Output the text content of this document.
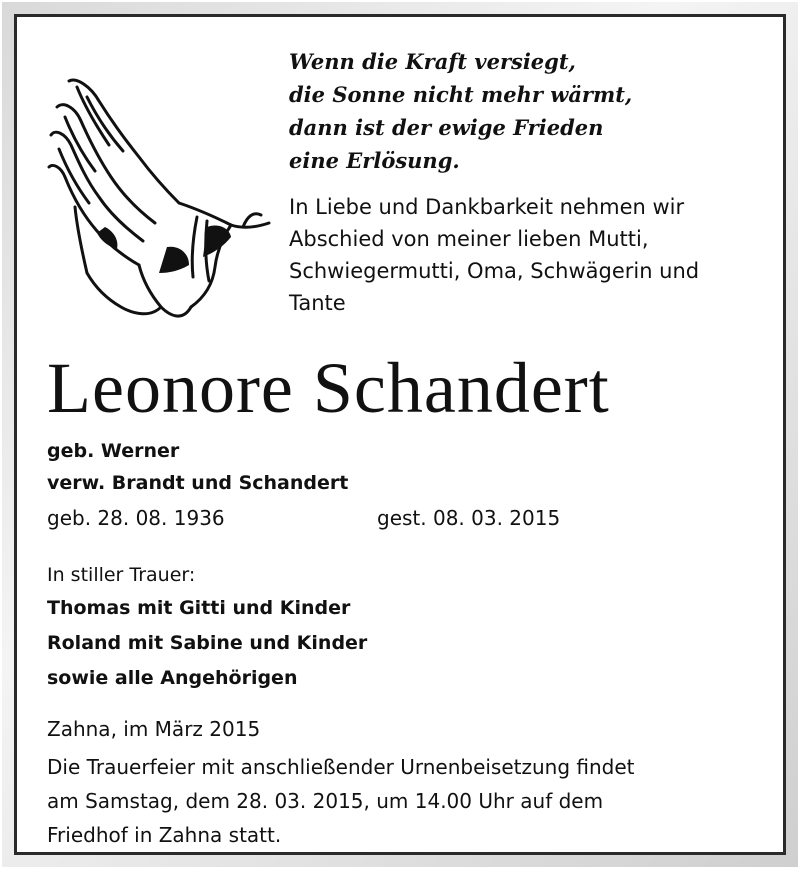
Wenn die Kraft versiegt,
die Sonne nicht mehr wärmt,
dann ist der ewige Frieden
eine Erlösung.
In Liebe und Dankbarkeit nehmen wir
Abschied von meiner lieben Mutti,
Schwiegermutti, Oma, Schwägerin und
Tante
Leonore Schandert
geb. Werner
verw. Brandt und Schandert
geb. 28. 08. 1936	gest. 08. 03. 2015
In stiller Trauer:
Thomas mit Gitti und Kinder
Roland mit Sabine und Kinder
sowie alle Angehörigen
Zahna, im März 2015
Die Trauerfeier mit anschließender Urnenbeisetzung findet
am Samstag, dem 28. 03. 2015, um 14.00 Uhr auf dem
Friedhof in Zahna statt.
